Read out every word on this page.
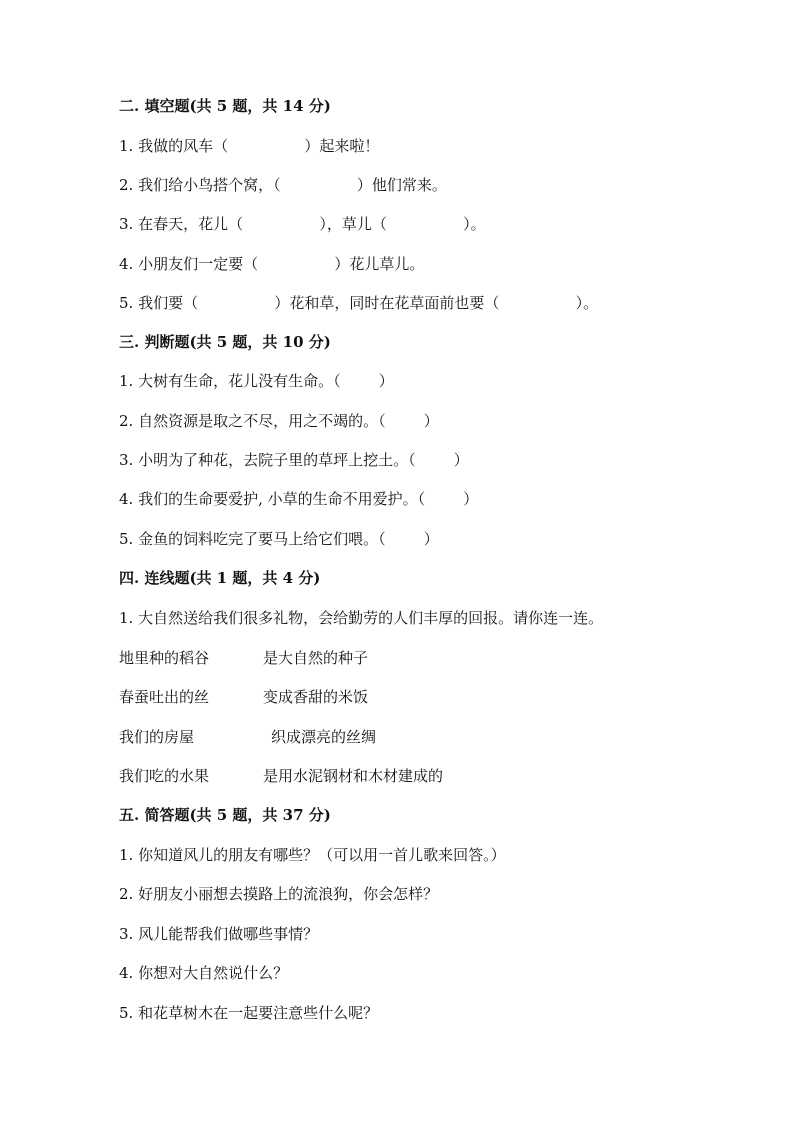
二. 填空题(共 5 题，共 14 分)
1. 我做的风车（                ）起来啦！
2. 我们给小鸟搭个窝，（                ）他们常来。
3. 在春天，花儿（                ），草儿（                ）。
4. 小朋友们一定要（                ）花儿草儿。
5. 我们要（                ）花和草，同时在花草面前也要（                ）。
三. 判断题(共 5 题，共 10 分)
1. 大树有生命，花儿没有生命。（        ）
2. 自然资源是取之不尽，用之不竭的。（        ）
3. 小明为了种花，去院子里的草坪上挖土。（        ）
4. 我们的生命要爱护, 小草的生命不用爱护。（        ）
5. 金鱼的饲料吃完了要马上给它们喂。（        ）
四. 连线题(共 1 题，共 4 分)
1. 大自然送给我们很多礼物，会给勤劳的人们丰厚的回报。请你连一连。
地里种的稻谷	是大自然的种子
春蚕吐出的丝	变成香甜的米饭
我们的房屋	织成漂亮的丝绸
我们吃的水果	是用水泥钢材和木材建成的
五. 简答题(共 5 题，共 37 分)
1. 你知道风儿的朋友有哪些？（可以用一首儿歌来回答。）
2. 好朋友小丽想去摸路上的流浪狗，你会怎样？
3. 风儿能帮我们做哪些事情？
4. 你想对大自然说什么？
5. 和花草树木在一起要注意些什么呢？
